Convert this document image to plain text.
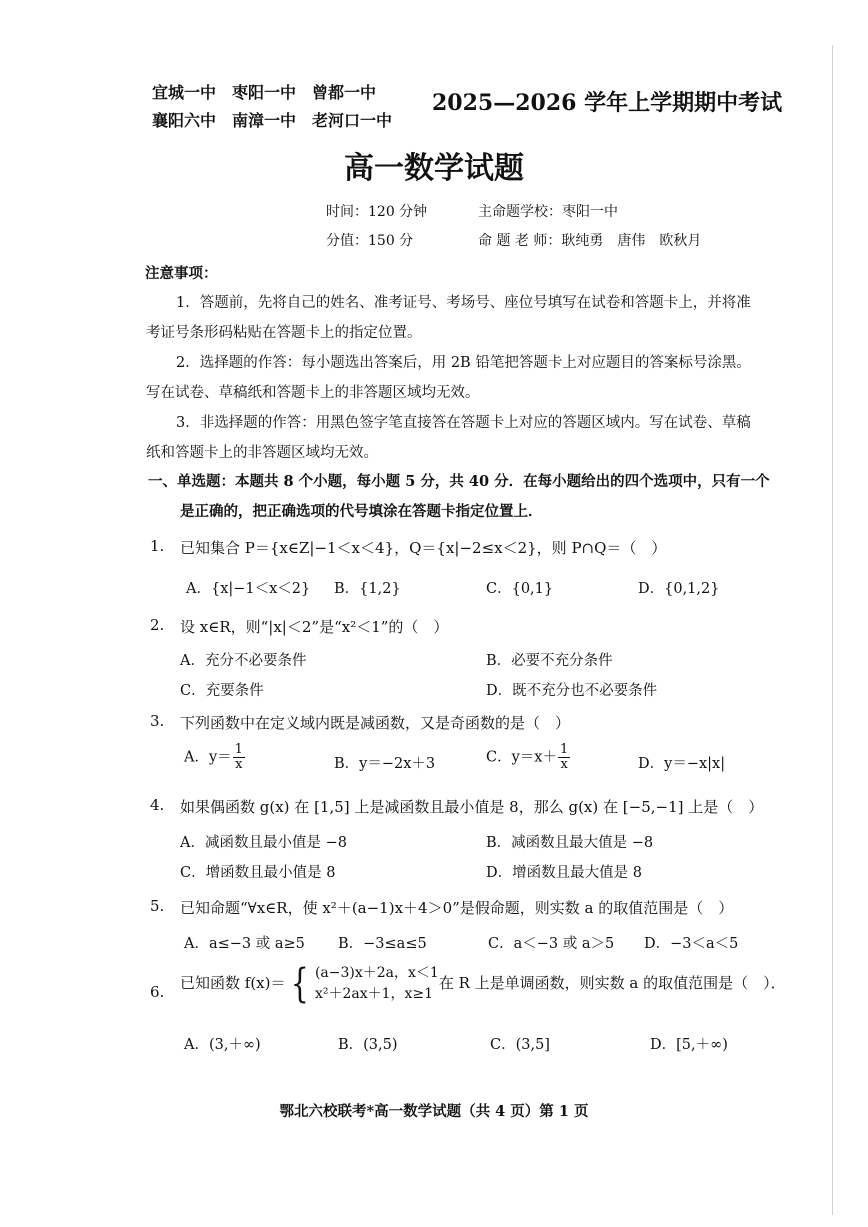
宜城一中　枣阳一中　曾都一中
襄阳六中　南漳一中　老河口一中
2025—2026 学年上学期期中考试
高一数学试题
时间：120 分钟	主命题学校：枣阳一中
分值：150 分	命 题 老 师：耿纯勇　唐伟　欧秋月
注意事项：
1．答题前，先将自己的姓名、准考证号、考场号、座位号填写在试卷和答题卡上，并将准
考证号条形码粘贴在答题卡上的指定位置。
2．选择题的作答：每小题选出答案后，用 2B 铅笔把答题卡上对应题目的答案标号涂黑。
写在试卷、草稿纸和答题卡上的非答题区域均无效。
3．非选择题的作答：用黑色签字笔直接答在答题卡上对应的答题区域内。写在试卷、草稿
纸和答题卡上的非答题区域均无效。
一、单选题：本题共 8 个小题，每小题 5 分，共 40 分．在每小题给出的四个选项中，只有一个
是正确的，把正确选项的代号填涂在答题卡指定位置上．
1. 已知集合 P＝{x∈Z|−1＜x＜4}，Q＝{x|−2≤x＜2}，则 P∩Q＝（　）
A．{x|−1＜x＜2} B．{1,2}	C．{0,1}	D．{0,1,2}
2. 设 x∈R，则“|x|＜2”是“x²＜1”的（　）
A．充分不必要条件	B．必要不充分条件
C．充要条件	D．既不充分也不必要条件
3. 下列函数中在定义域内既是减函数，又是奇函数的是（　）
A．$y= \frac{1}{x}$	B．y＝−2x＋3	C．$y=x+ \frac{1}{x}$	D．y＝−x|x|
4. 如果偶函数 g(x) 在 [1,5] 上是减函数且最小值是 8，那么 g(x) 在 [−5,−1] 上是（　）
A．减函数且最小值是 −8	B．减函数且最大值是 −8
C．增函数且最小值是 8	D．增函数且最大值是 8
5. 已知命题“∀x∈R，使 x²＋(a−1)x＋4＞0”是假命题，则实数 a 的取值范围是（　）
A．a≤−3 或 a≥5 B．−3≤a≤5	C．a＜−3 或 a＞5 D．−3＜a＜5
6. 已知函数 f(x)＝ { (a−3)x＋2a，x＜1
x²＋2ax＋1，x≥1
在 R 上是单调函数，则实数 a 的取值范围是（　）．
A．(3,＋∞)	B．(3,5)	C．(3,5]	D．[5,＋∞)
鄂北六校联考*高一数学试题（共 4 页）第 1 页
